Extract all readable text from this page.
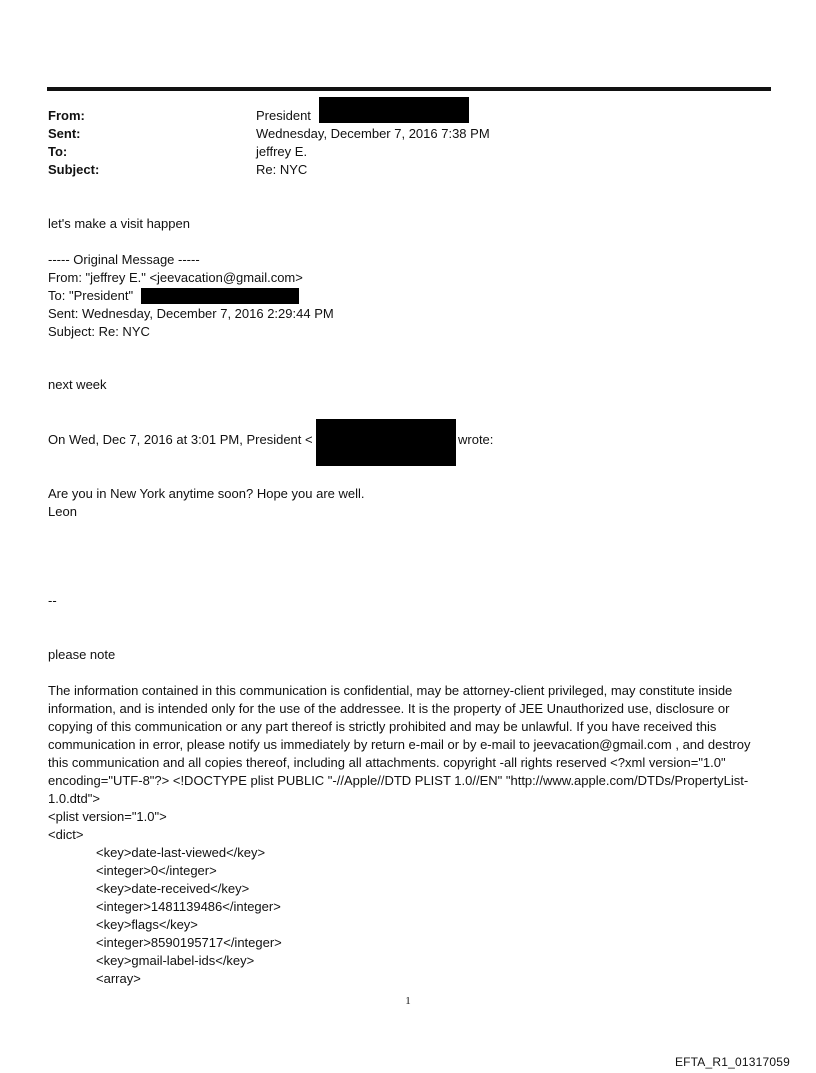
From:	President
Sent:	Wednesday, December 7, 2016 7:38 PM
To:	jeffrey E.
Subject:	Re: NYC
let's make a visit happen
----- Original Message -----
From: "jeffrey E." <jeevacation@gmail.com>
To: "President"
Sent: Wednesday, December 7, 2016 2:29:44 PM
Subject: Re: NYC
next week
On Wed, Dec 7, 2016 at 3:01 PM, President <	wrote:
Are you in New York anytime soon? Hope you are well.
Leon
--
please note
The information contained in this communication is confidential, may be attorney-client privileged, may constitute inside information, and is intended only for the use of the addressee. It is the property of JEE Unauthorized use, disclosure or copying of this communication or any part thereof is strictly prohibited and may be unlawful. If you have received this communication in error, please notify us immediately by return e-mail or by e-mail to jeevacation@gmail.com , and destroy this communication and all copies thereof, including all attachments. copyright -all rights reserved <?xml version="1.0" encoding="UTF-8"?> <!DOCTYPE plist PUBLIC "-//Apple//DTD PLIST 1.0//EN" "http://www.apple.com/DTDs/PropertyList-1.0.dtd">
<plist version="1.0">
<dict>
<key>date-last-viewed</key>
<integer>0</integer>
<key>date-received</key>
<integer>1481139486</integer>
<key>flags</key>
<integer>8590195717</integer>
<key>gmail-label-ids</key>
<array>
1
EFTA_R1_01317059
